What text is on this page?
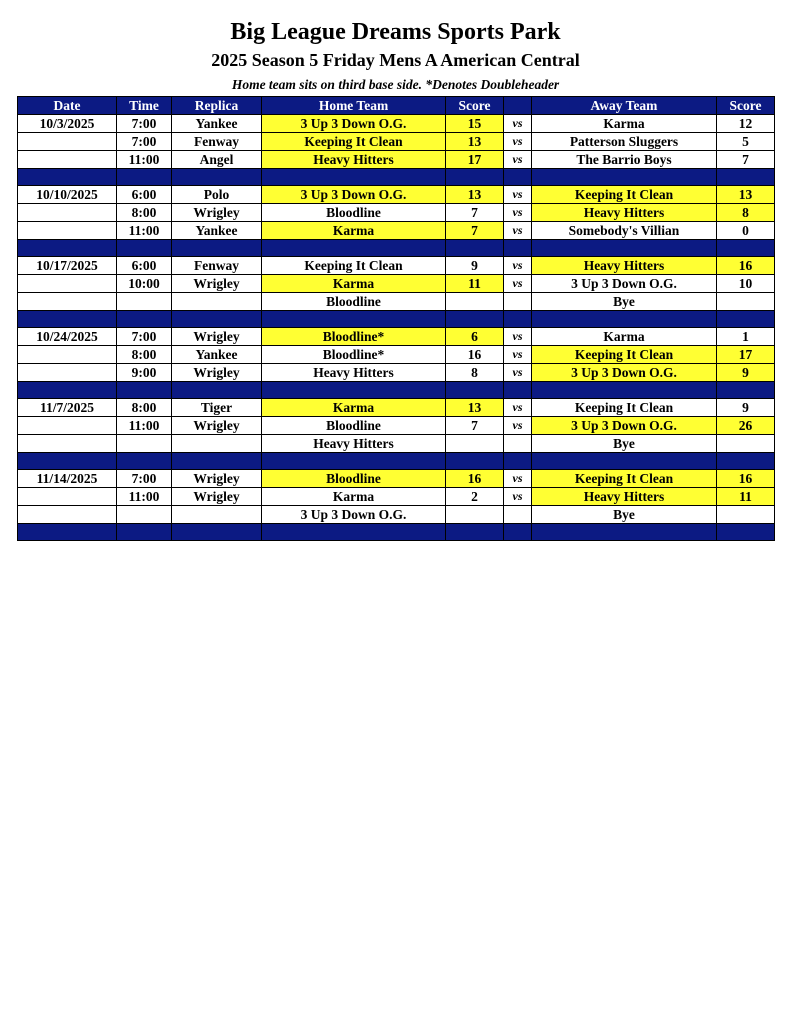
Big League Dreams Sports Park
2025 Season 5 Friday Mens A American Central
Home team sits on third base side. *Denotes Doubleheader
Date	Time	Replica	Home Team	Score		Away Team	Score
10/3/2025	7:00	Yankee	3 Up 3 Down O.G.	15	vs	Karma	12
	7:00	Fenway	Keeping It Clean	13	vs	Patterson Sluggers	5
	11:00	Angel	Heavy Hitters	17	vs	The Barrio Boys	7

10/10/2025	6:00	Polo	3 Up 3 Down O.G.	13	vs	Keeping It Clean	13
	8:00	Wrigley	Bloodline	7	vs	Heavy Hitters	8
	11:00	Yankee	Karma	7	vs	Somebody's Villian	0

10/17/2025	6:00	Fenway	Keeping It Clean	9	vs	Heavy Hitters	16
	10:00	Wrigley	Karma	11	vs	3 Up 3 Down O.G.	10
			Bloodline			Bye	

10/24/2025	7:00	Wrigley	Bloodline*	6	vs	Karma	1
	8:00	Yankee	Bloodline*	16	vs	Keeping It Clean	17
	9:00	Wrigley	Heavy Hitters	8	vs	3 Up 3 Down O.G.	9

11/7/2025	8:00	Tiger	Karma	13	vs	Keeping It Clean	9
	11:00	Wrigley	Bloodline	7	vs	3 Up 3 Down O.G.	26
			Heavy Hitters			Bye	

11/14/2025	7:00	Wrigley	Bloodline	16	vs	Keeping It Clean	16
	11:00	Wrigley	Karma	2	vs	Heavy Hitters	11
			3 Up 3 Down O.G.			Bye	
